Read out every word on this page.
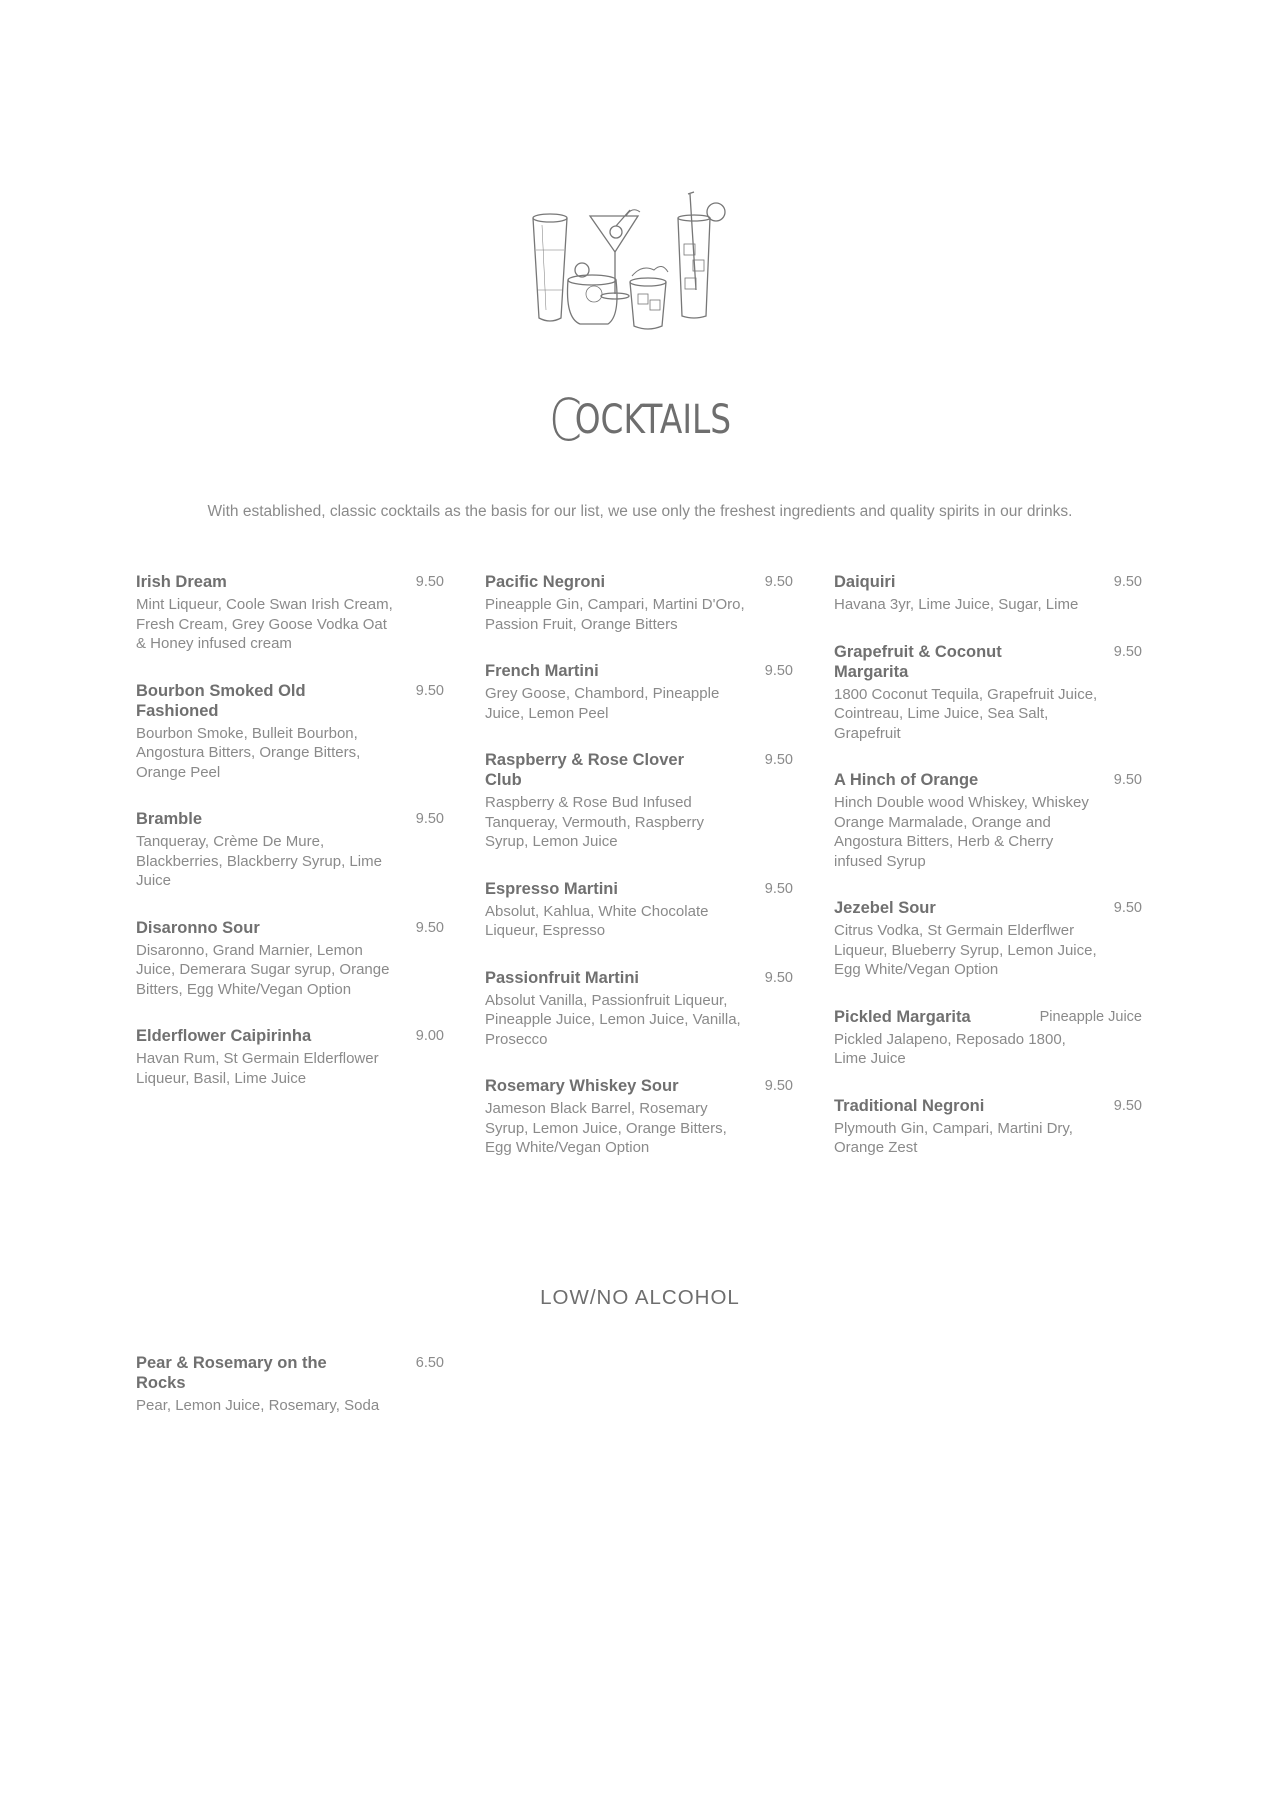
COCKTAILS
With established, classic cocktails as the basis for our list, we use only the freshest ingredients and quality spirits in our drinks.
Irish Dream	9.50
Mint Liqueur, Coole Swan Irish Cream, Fresh Cream, Grey Goose Vodka Oat & Honey infused cream
Bourbon Smoked Old Fashioned
9.50
Bourbon Smoke, Bulleit Bourbon, Angostura Bitters, Orange Bitters, Orange Peel
Bramble	9.50
Tanqueray, Crème De Mure, Blackberries, Blackberry Syrup, Lime Juice
Disaronno Sour	9.50
Disaronno, Grand Marnier, Lemon Juice, Demerara Sugar syrup, Orange Bitters, Egg White/Vegan Option
Elderflower Caipirinha	9.00
Havan Rum, St Germain Elderflower Liqueur, Basil, Lime Juice
Pacific Negroni	9.50
Pineapple Gin, Campari, Martini D'Oro, Passion Fruit, Orange Bitters
French Martini	9.50
Grey Goose, Chambord, Pineapple Juice, Lemon Peel
Raspberry & Rose Clover Club
9.50
Raspberry & Rose Bud Infused Tanqueray, Vermouth, Raspberry Syrup, Lemon Juice
Espresso Martini	9.50
Absolut, Kahlua, White Chocolate Liqueur, Espresso
Passionfruit Martini	9.50
Absolut Vanilla, Passionfruit Liqueur, Pineapple Juice, Lemon Juice, Vanilla, Prosecco
Rosemary Whiskey Sour	9.50
Jameson Black Barrel, Rosemary Syrup, Lemon Juice, Orange Bitters, Egg White/Vegan Option
Daiquiri	9.50
Havana 3yr, Lime Juice, Sugar, Lime
Grapefruit & Coconut Margarita
9.50
1800 Coconut Tequila, Grapefruit Juice, Cointreau, Lime Juice, Sea Salt, Grapefruit
A Hinch of Orange	9.50
Hinch Double wood Whiskey, Whiskey Orange Marmalade, Orange and Angostura Bitters, Herb & Cherry infused Syrup
Jezebel Sour	9.50
Citrus Vodka, St Germain Elderflwer Liqueur, Blueberry Syrup, Lemon Juice, Egg White/Vegan Option
Pickled Margarita	Pineapple Juice
Pickled Jalapeno, Reposado 1800, Lime Juice
Traditional Negroni	9.50
Plymouth Gin, Campari, Martini Dry, Orange Zest
LOW/NO ALCOHOL
Pear & Rosemary on the Rocks
6.50
Pear, Lemon Juice, Rosemary, Soda
